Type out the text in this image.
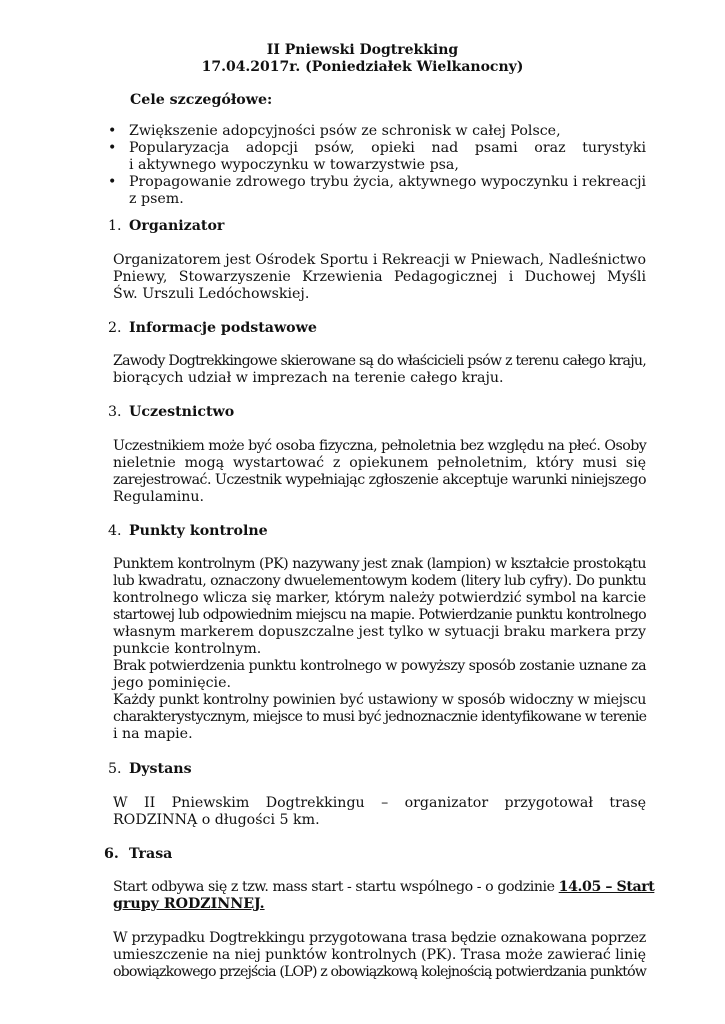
II Pniewski Dogtrekking
17.04.2017r. (Poniedziałek Wielkanocny)
Cele szczegółowe:
• Zwiększenie adopcyjności psów ze schronisk w całej Polsce,
• Popularyzacja adopcji psów, opieki nad psami oraz turystyki
i aktywnego wypoczynku w towarzystwie psa,
• Propagowanie zdrowego trybu życia, aktywnego wypoczynku i rekreacji
z psem.
1. Organizator
Organizatorem jest Ośrodek Sportu i Rekreacji w Pniewach, Nadleśnictwo
Pniewy, Stowarzyszenie Krzewienia Pedagogicznej i Duchowej Myśli
Św. Urszuli Ledóchowskiej.
2. Informacje podstawowe
Zawody Dogtrekkingowe skierowane są do właścicieli psów z terenu całego kraju,
biorących udział w imprezach na terenie całego kraju.
3. Uczestnictwo
Uczestnikiem może być osoba fizyczna, pełnoletnia bez względu na płeć. Osoby
nieletnie mogą wystartować z opiekunem pełnoletnim, który musi się
zarejestrować. Uczestnik wypełniając zgłoszenie akceptuje warunki niniejszego
Regulaminu.
4. Punkty kontrolne
Punktem kontrolnym (PK) nazywany jest znak (lampion) w kształcie prostokątu
lub kwadratu, oznaczony dwuelementowym kodem (litery lub cyfry). Do punktu
kontrolnego wlicza się marker, którym należy potwierdzić symbol na karcie
startowej lub odpowiednim miejscu na mapie. Potwierdzanie punktu kontrolnego
własnym markerem dopuszczalne jest tylko w sytuacji braku markera przy
punkcie kontrolnym.
Brak potwierdzenia punktu kontrolnego w powyższy sposób zostanie uznane za
jego pominięcie.
Każdy punkt kontrolny powinien być ustawiony w sposób widoczny w miejscu
charakterystycznym, miejsce to musi być jednoznacznie identyfikowane w terenie
i na mapie.
5. Dystans
W II Pniewskim Dogtrekkingu – organizator przygotował trasę
RODZINNĄ o długości 5 km.
6. Trasa
Start odbywa się z tzw. mass start - startu wspólnego - o godzinie 14.05 – Start
grupy RODZINNEJ.
W przypadku Dogtrekkingu przygotowana trasa będzie oznakowana poprzez
umieszczenie na niej punktów kontrolnych (PK). Trasa może zawierać linię
obowiązkowego przejścia (LOP) z obowiązkową kolejnością potwierdzania punktów
